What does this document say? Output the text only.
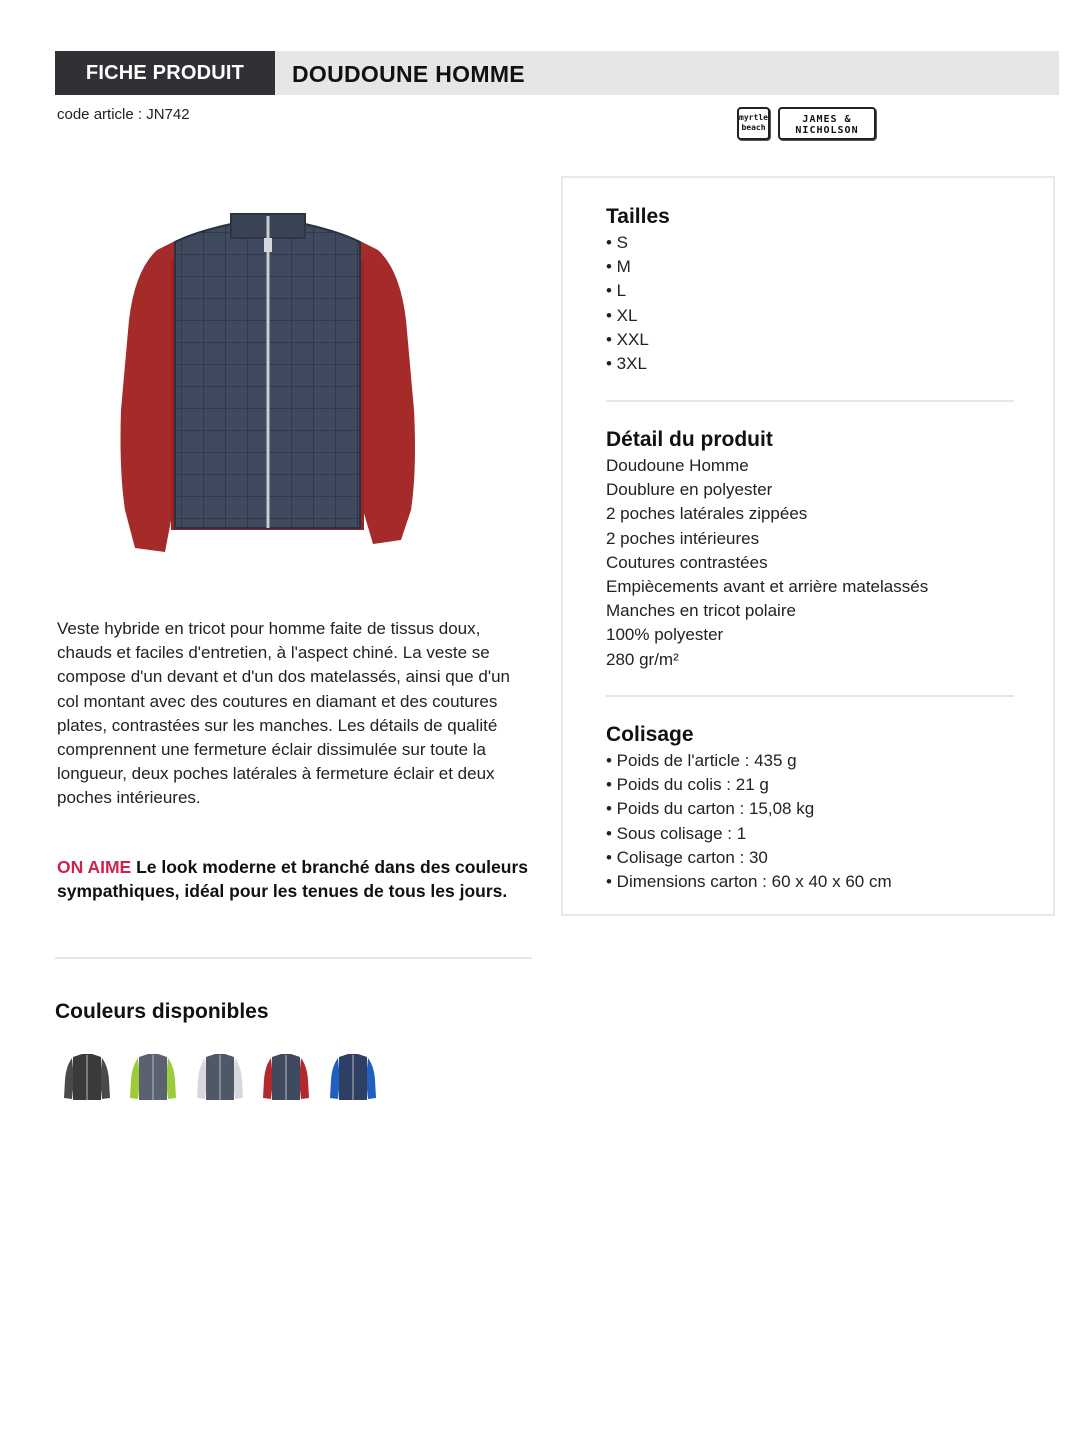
FICHE PRODUIT	DOUDOUNE HOMME
code article : JN742	myrtle
beach
JAMES &
NICHOLSON
Veste hybride en tricot pour homme faite de tissus doux, chauds et faciles d'entretien, à l'aspect chiné. La veste se compose d'un devant et d'un dos matelassés, ainsi que d'un col montant avec des coutures en diamant et des coutures plates, contrastées sur les manches. Les détails de qualité comprennent une fermeture éclair dissimulée sur toute la longueur, deux poches latérales à fermeture éclair et deux poches intérieures.
ON AIME Le look moderne et branché dans des couleurs sympathiques, idéal pour les tenues de tous les jours.
Couleurs disponibles
Tailles
• S
• M
• L
• XL
• XXL
• 3XL
Détail du produit
Doudoune Homme
Doublure en polyester
2 poches latérales zippées
2 poches intérieures
Coutures contrastées
Empiècements avant et arrière matelassés
Manches en tricot polaire
100% polyester
280 gr/m²
Colisage
• Poids de l'article : 435 g
• Poids du colis : 21 g
• Poids du carton : 15,08 kg
• Sous colisage : 1
• Colisage carton : 30
• Dimensions carton : 60 x 40 x 60 cm
